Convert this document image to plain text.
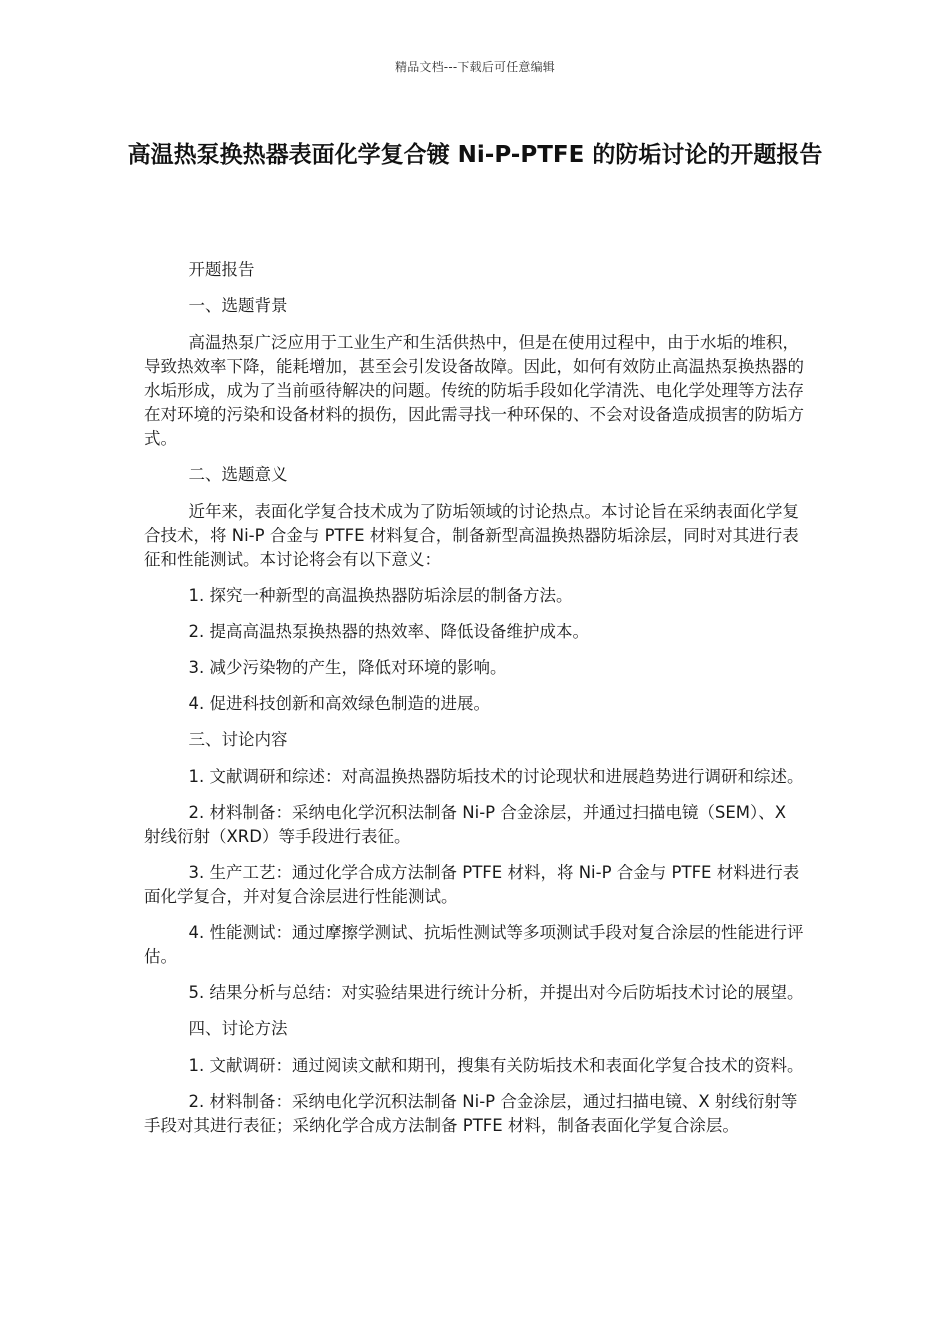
精品文档---下载后可任意编辑
高温热泵换热器表面化学复合镀 Ni-P-PTFE 的防垢讨论的开题报告

开题报告

一、选题背景

高温热泵广泛应用于工业生产和生活供热中，但是在使用过程中，由于水垢的堆积，导致热效率下降，能耗增加，甚至会引发设备故障。因此，如何有效防止高温热泵换热器的水垢形成，成为了当前亟待解决的问题。传统的防垢手段如化学清洗、电化学处理等方法存在对环境的污染和设备材料的损伤，因此需寻找一种环保的、不会对设备造成损害的防垢方式。

二、选题意义

近年来，表面化学复合技术成为了防垢领域的讨论热点。本讨论旨在采纳表面化学复合技术，将 Ni-P 合金与 PTFE 材料复合，制备新型高温换热器防垢涂层，同时对其进行表征和性能测试。本讨论将会有以下意义：

1. 探究一种新型的高温换热器防垢涂层的制备方法。

2. 提高高温热泵换热器的热效率、降低设备维护成本。

3. 减少污染物的产生，降低对环境的影响。

4. 促进科技创新和高效绿色制造的进展。

三、讨论内容

1. 文献调研和综述：对高温换热器防垢技术的讨论现状和进展趋势进行调研和综述。

2. 材料制备：采纳电化学沉积法制备 Ni-P 合金涂层，并通过扫描电镜（SEM）、X 射线衍射（XRD）等手段进行表征。

3. 生产工艺：通过化学合成方法制备 PTFE 材料，将 Ni-P 合金与 PTFE 材料进行表面化学复合，并对复合涂层进行性能测试。

4. 性能测试：通过摩擦学测试、抗垢性测试等多项测试手段对复合涂层的性能进行评估。

5. 结果分析与总结：对实验结果进行统计分析，并提出对今后防垢技术讨论的展望。

四、讨论方法

1. 文献调研：通过阅读文献和期刊，搜集有关防垢技术和表面化学复合技术的资料。

2. 材料制备：采纳电化学沉积法制备 Ni-P 合金涂层，通过扫描电镜、X 射线衍射等手段对其进行表征；采纳化学合成方法制备 PTFE 材料，制备表面化学复合涂层。
